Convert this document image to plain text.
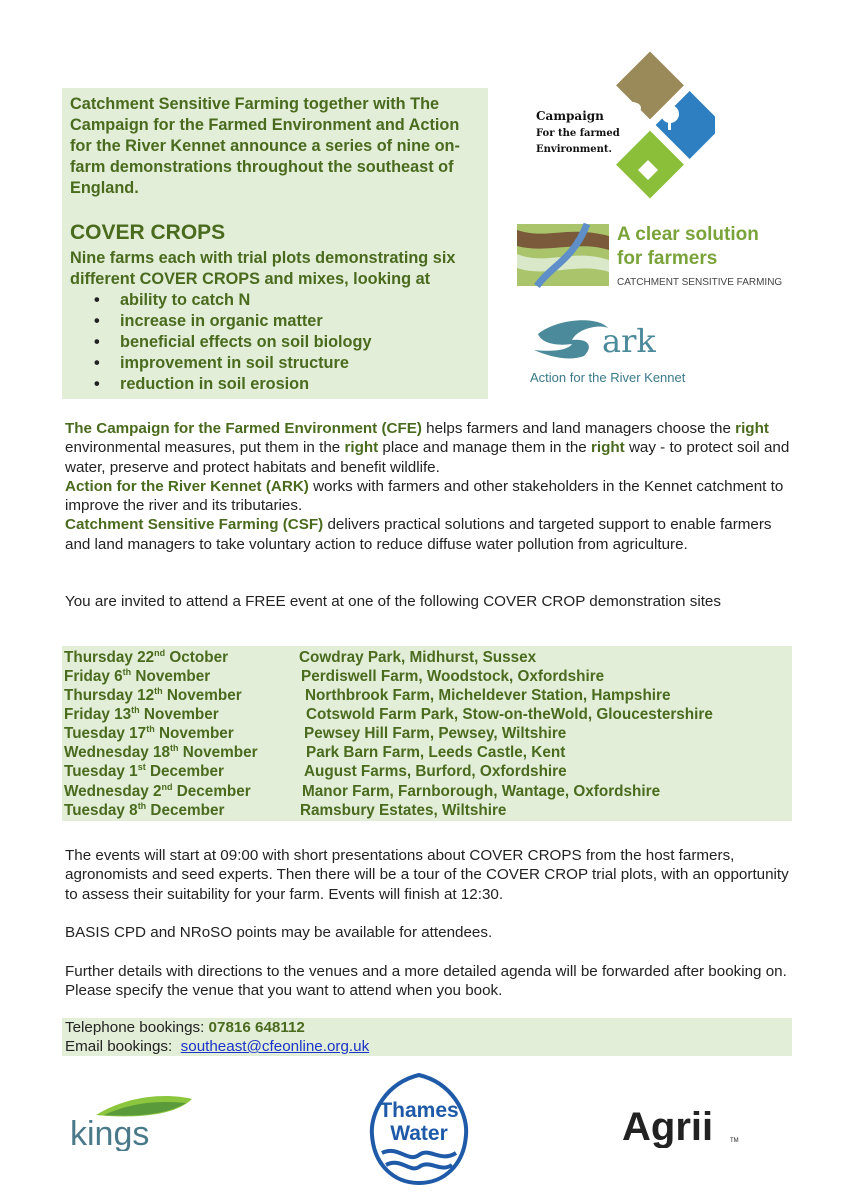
Catchment Sensitive Farming together with The Campaign for the Farmed Environment and Action for the River Kennet announce a series of nine on-farm demonstrations throughout the southeast of England.
COVER CROPS
Nine farms each with trial plots demonstrating six different COVER CROPS and mixes, looking at
• ability to catch N
• increase in organic matter
• beneficial effects on soil biology
• improvement in soil structure
• reduction in soil erosion
Campaign
For the farmed
Environment.
A clear solution
for farmers
CATCHMENT SENSITIVE FARMING
ark
Action for the River Kennet
The Campaign for the Farmed Environment (CFE) helps farmers and land managers choose the right environmental measures, put them in the right place and manage them in the right way - to protect soil and water, preserve and protect habitats and benefit wildlife.
Action for the River Kennet (ARK) works with farmers and other stakeholders in the Kennet catchment to improve the river and its tributaries.
Catchment Sensitive Farming (CSF) delivers practical solutions and targeted support to enable farmers and land managers to take voluntary action to reduce diffuse water pollution from agriculture.
You are invited to attend a FREE event at one of the following COVER CROP demonstration sites
Thursday 22nd October	Cowdray Park, Midhurst, Sussex
Friday 6th November	Perdiswell Farm, Woodstock, Oxfordshire
Thursday 12th November	Northbrook Farm, Micheldever Station, Hampshire
Friday 13th November	Cotswold Farm Park, Stow-on-theWold, Gloucestershire
Tuesday 17th November	Pewsey Hill Farm, Pewsey, Wiltshire
Wednesday 18th November	Park Barn Farm, Leeds Castle, Kent
Tuesday 1st December	August Farms, Burford, Oxfordshire
Wednesday 2nd December	Manor Farm, Farnborough, Wantage, Oxfordshire
Tuesday 8th December	Ramsbury Estates, Wiltshire
The events will start at 09:00 with short presentations about COVER CROPS from the host farmers, agronomists and seed experts. Then there will be a tour of the COVER CROP trial plots, with an opportunity to assess their suitability for your farm. Events will finish at 12:30.
BASIS CPD and NRoSO points may be available for attendees.
Further details with directions to the venues and a more detailed agenda will be forwarded after booking on. Please specify the venue that you want to attend when you book.
Telephone bookings: 07816 648112
Email bookings:  southeast@cfeonline.org.uk
kings
Thames
Water	Agrii	TM
